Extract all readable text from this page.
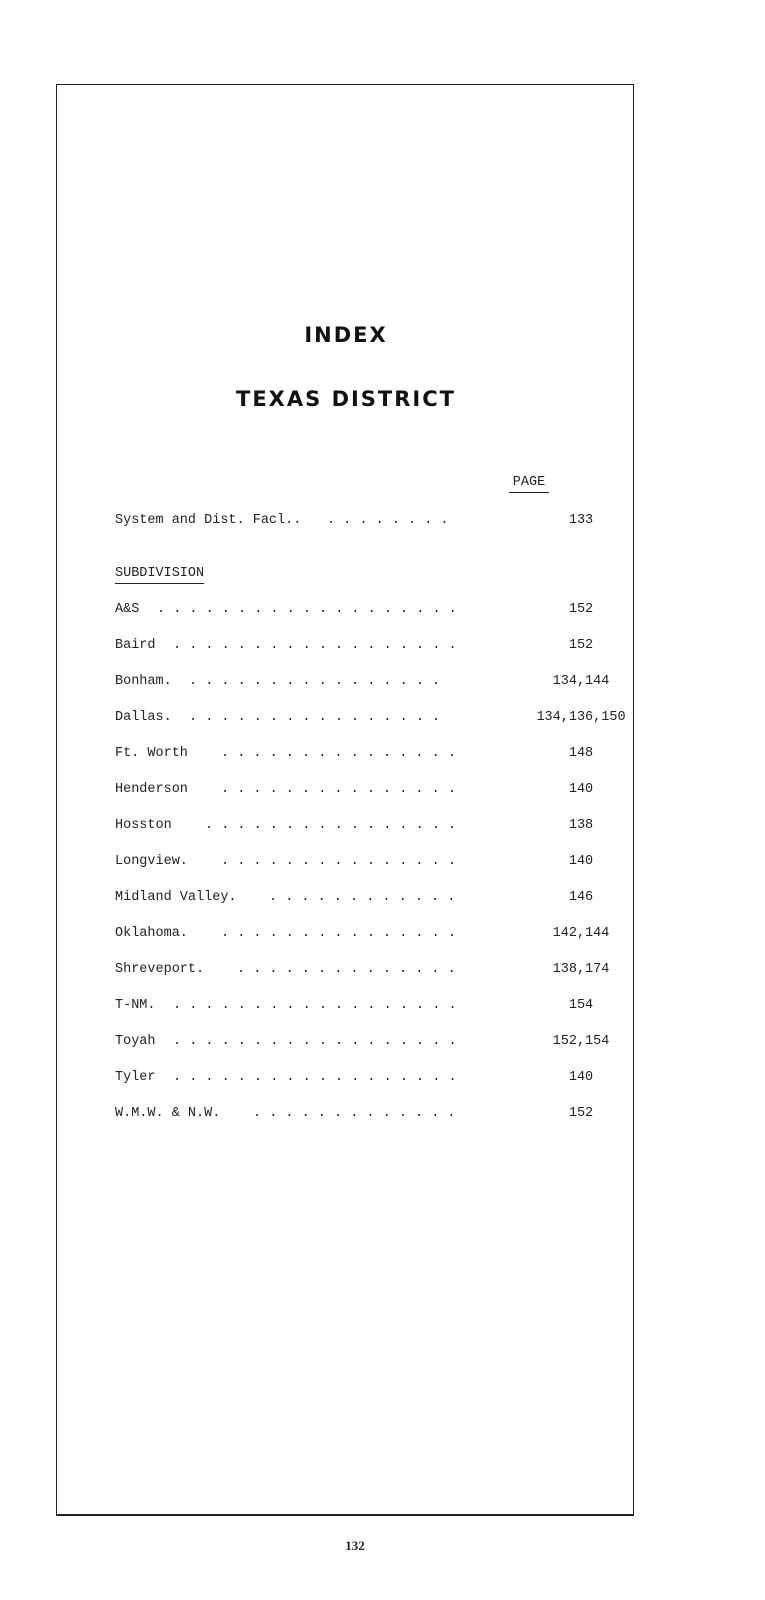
INDEX
TEXAS DISTRICT
PAGE
System and Dist. Facl.. . . . . . . . .	133
SUBDIVISION
A&S . . . . . . . . . . . . . . . . . . .	152
Baird . . . . . . . . . . . . . . . . . .	152
Bonham. . . . . . . . . . . . . . . . .	134,144
Dallas. . . . . . . . . . . . . . . . .	134,136,150
Ft. Worth . . . . . . . . . . . . . . .	148
Henderson . . . . . . . . . . . . . . .	140
Hosston . . . . . . . . . . . . . . . .	138
Longview. . . . . . . . . . . . . . . .	140
Midland Valley. . . . . . . . . . . . .	146
Oklahoma. . . . . . . . . . . . . . . .	142,144
Shreveport. . . . . . . . . . . . . . .	138,174
T-NM. . . . . . . . . . . . . . . . . . .	154
Toyah . . . . . . . . . . . . . . . . . .	152,154
Tyler . . . . . . . . . . . . . . . . . .	140
W.M.W. & N.W. . . . . . . . . . . . . .	152
132
